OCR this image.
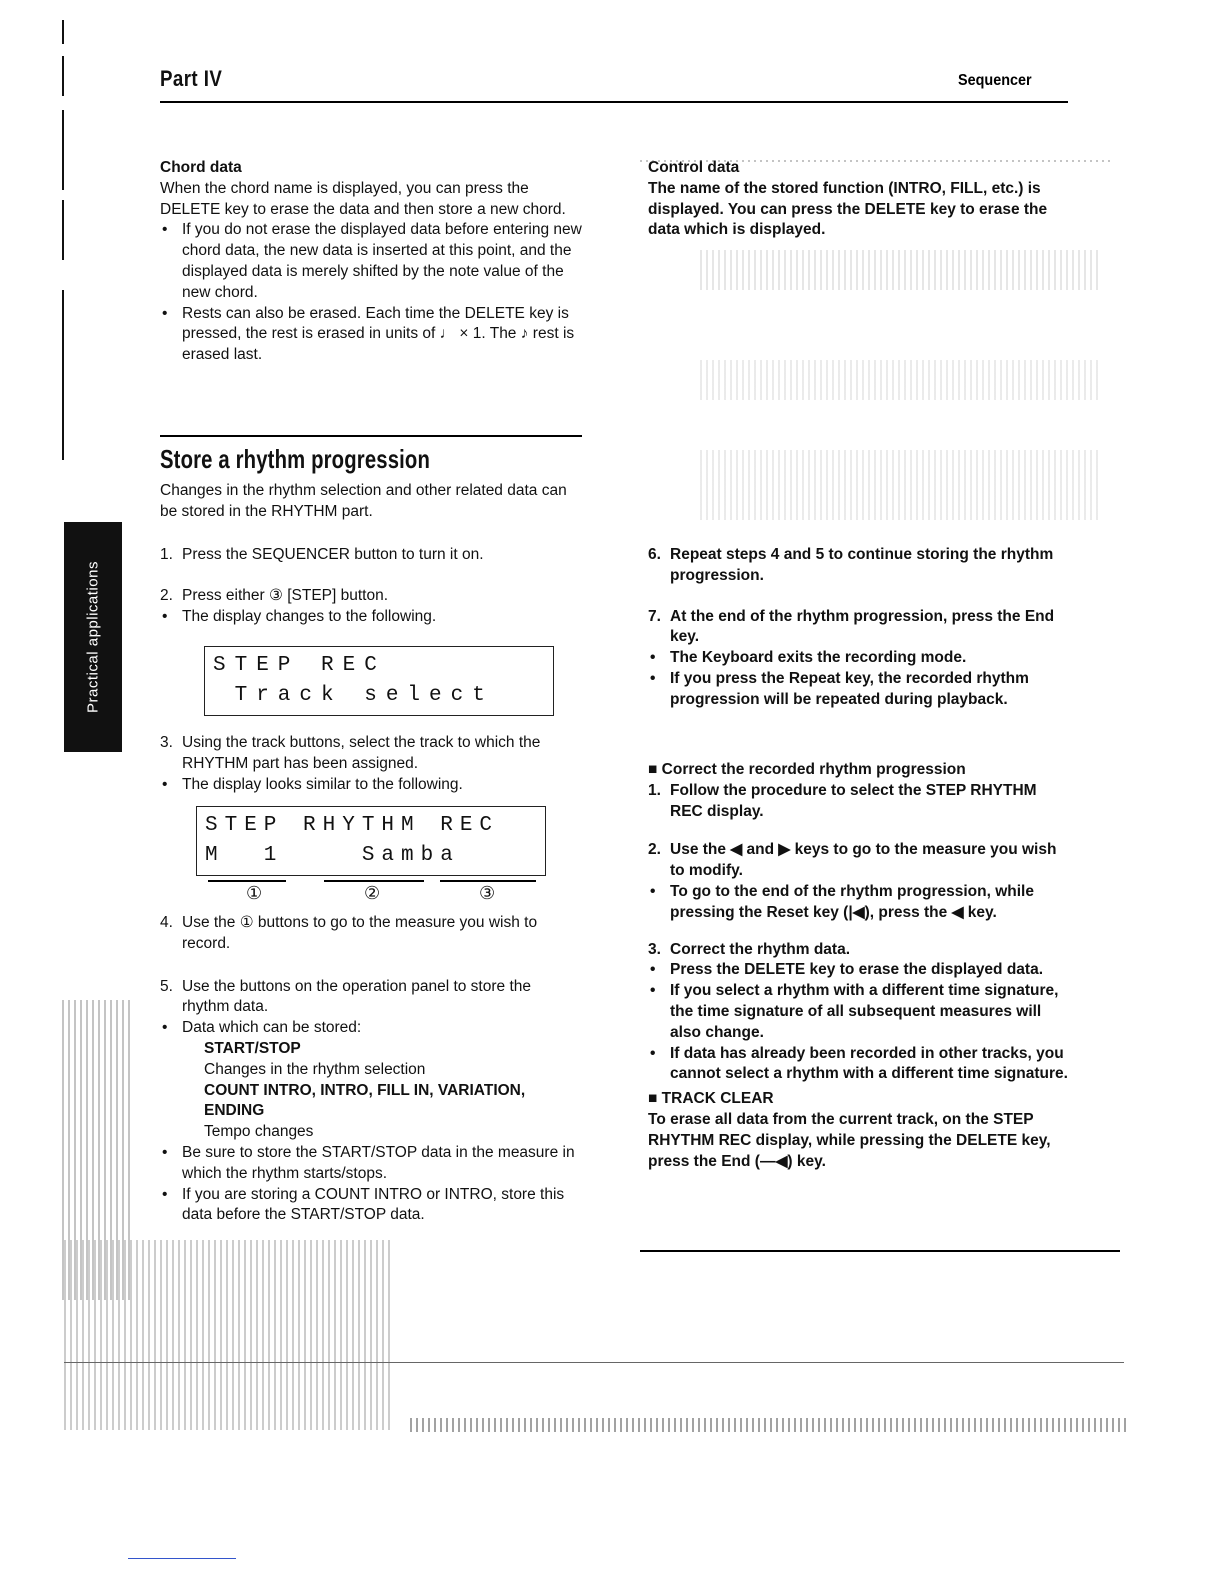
Part IV	Sequencer
Practical applications

Chord data

When the chord name is displayed, you can press the DELETE key to erase the data and then store a new chord.

• If you do not erase the displayed data before entering new chord data, the new data is inserted at this point, and the displayed data is merely shifted by the note value of the new chord.

• Rests can also be erased. Each time the DELETE key is pressed, the rest is erased in units of ♩ × 1. The ♪ rest is erased last.

Store a rhythm progression

Changes in the rhythm selection and other related data can be stored in the RHYTHM part.

1. Press the SEQUENCER button to turn it on.

2. Press either ③ [STEP] button.

• The display changes to the following.

STEP REC
Track select

3. Using the track buttons, select the track to which the RHYTHM part has been assigned.

• The display looks similar to the following.

STEP RHYTHM REC
M  1    Samba
①	②	③

4. Use the ① buttons to go to the measure you wish to record.

5. Use the buttons on the operation panel to store the rhythm data.

• Data which can be stored:

START/STOP

Changes in the rhythm selection

COUNT INTRO, INTRO, FILL IN, VARIATION, ENDING

Tempo changes

• Be sure to store the START/STOP data in the measure in which the rhythm starts/stops.

• If you are storing a COUNT INTRO or INTRO, store this data before the START/STOP data.

Control data

The name of the stored function (INTRO, FILL, etc.) is displayed. You can press the DELETE key to erase the data which is displayed.

6. Repeat steps 4 and 5 to continue storing the rhythm progression.

7. At the end of the rhythm progression, press the End key.

• The Keyboard exits the recording mode.

• If you press the Repeat key, the recorded rhythm progression will be repeated during playback.

■ Correct the recorded rhythm progression

1. Follow the procedure to select the STEP RHYTHM REC display.

2. Use the ◀ and ▶ keys to go to the measure you wish to modify.

• To go to the end of the rhythm progression, while pressing the Reset key (|◀), press the ◀ key.

3. Correct the rhythm data.

• Press the DELETE key to erase the displayed data.

• If you select a rhythm with a different time signature, the time signature of all subsequent measures will also change.

• If data has already been recorded in other tracks, you cannot select a rhythm with a different time signature.

■ TRACK CLEAR

To erase all data from the current track, on the STEP RHYTHM REC display, while pressing the DELETE key, press the End (—◀) key.
